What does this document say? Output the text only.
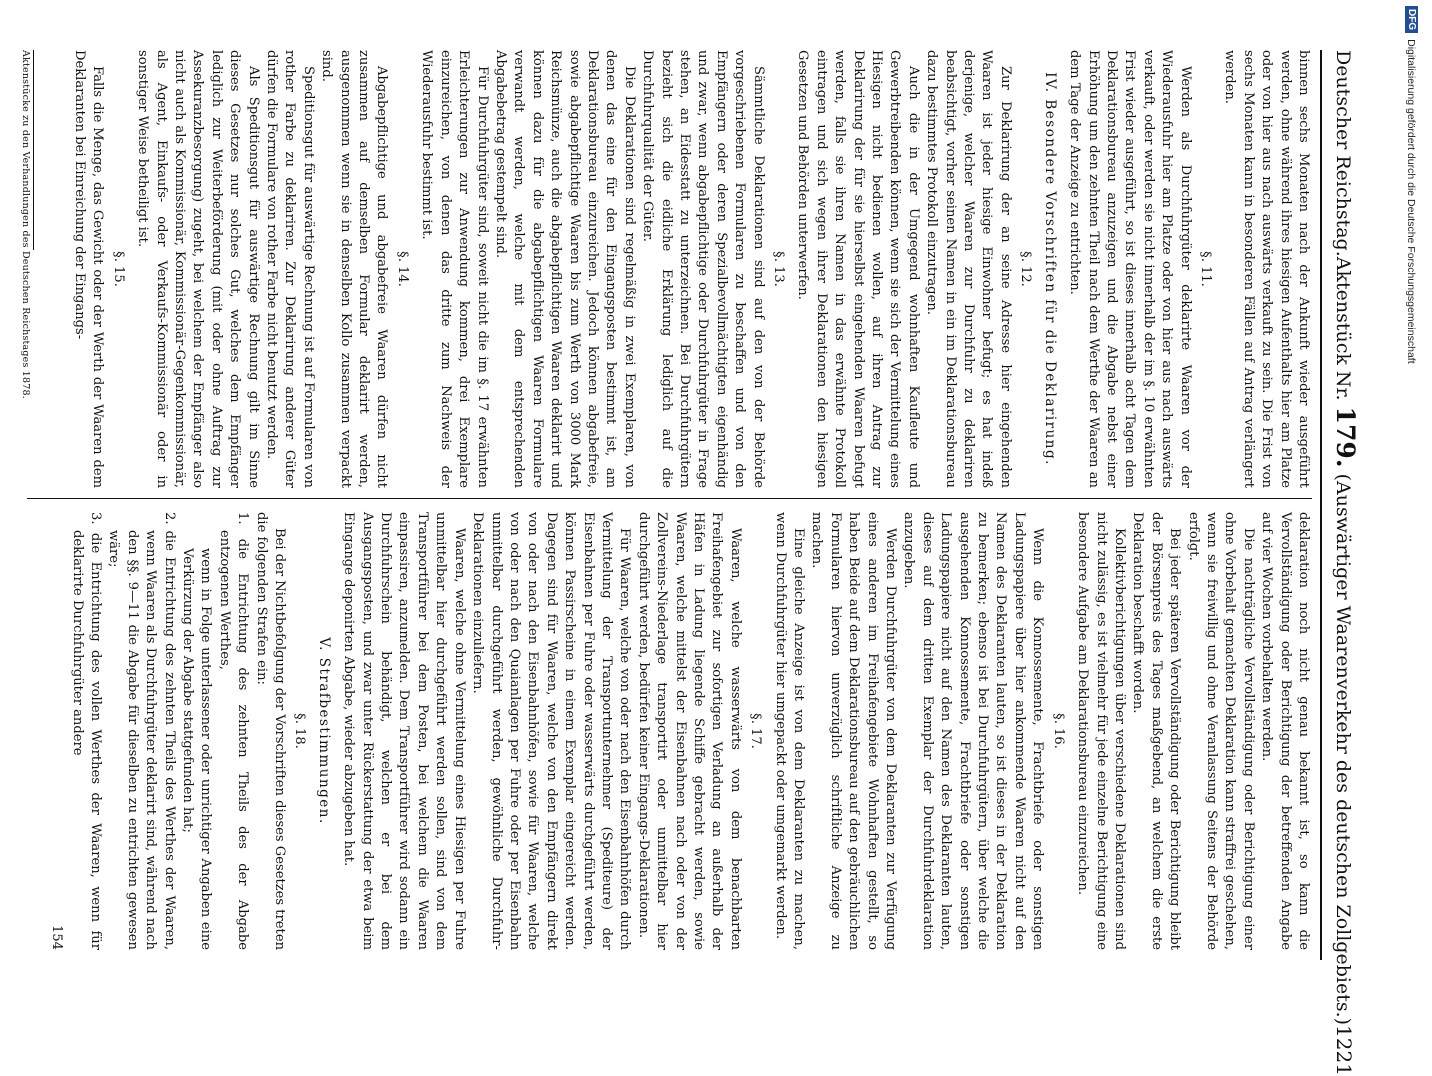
Deutscher Reichstag.
Aktenstück Nr. 179. (Auswärtiger Waarenverkehr des deutschen Zollgebiets.)
1221

binnen sechs Monaten nach der Ankunft wieder ausgeführt werden, ohne während ihres hiesigen Aufenthalts hier am Platze oder von hier aus nach auswärts verkauft zu sein. Die Frist von sechs Monaten kann in besonderen Fällen auf Antrag verlängert werden.

§. 11.

Werden als Durchfuhrgüter deklarirte Waaren vor der Wiederausfuhr hier am Platze oder von hier aus nach auswärts verkauft, oder werden sie nicht innerhalb der im §. 10 erwähnten Frist wieder ausgeführt, so ist dieses innerhalb acht Tagen dem Deklarationsbureau anzuzeigen und die Abgabe nebst einer Erhöhung um den zehnten Theil nach dem Werthe der Waaren an dem Tage der Anzeige zu entrichten.

IV. Besondere Vorschriften für die Deklarirung.

§. 12.

Zur Deklarirung der an seine Adresse hier eingehenden Waaren ist jeder hiesige Einwohner befugt; es hat indeß derjenige, welcher Waaren zur Durchfuhr zu deklariren beabsichtigt, vorher seinen Namen in ein im Deklarationsbureau dazu bestimmtes Protokoll einzutragen.

Auch die in der Umgegend wohnhaften Kaufleute und Gewerbtreibenden können, wenn sie sich der Vermittelung eines Hiesigen nicht bedienen wollen, auf ihren Antrag zur Deklarirung der für sie hierselbst eingehenden Waaren befugt werden, falls sie ihren Namen in das erwähnte Protokoll eintragen und sich wegen ihrer Deklarationen den hiesigen Gesetzen und Behörden unterwerfen.

§. 13.

Sämmtliche Deklarationen sind auf den von der Behörde vorgeschriebenen Formularen zu beschaffen und von den Empfängern oder deren Spezialbevollmächtigten eigenhändig und zwar, wenn abgabepflichtige oder Durchfuhrgüter in Frage stehen, an Eidesstatt zu unterzeichnen. Bei Durchfuhrgütern bezieht sich die eidliche Erklärung lediglich auf die Durchfuhrqualität der Güter.

Die Deklarationen sind regelmäßig in zwei Exemplaren, von denen das eine für den Eingangsposten bestimmt ist, am Deklarationsbureau einzureichen. Jedoch können abgabefreie, sowie abgabepflichtige Waaren bis zum Werth von 3000 Mark Reichsmünze, auch die abgabepflichtigen Waaren deklarirt und können dazu für die abgabepflichtigen Waaren Formulare verwandt werden, welche mit dem entsprechenden Abgabebetrag gestempelt sind.

Für Durchfuhrgüter sind, soweit nicht die im §. 17 erwähnten Erleichterungen zur Anwendung kommen, drei Exemplare einzureichen, von denen das dritte zum Nachweis der Wiederausfuhr bestimmt ist.

§. 14.

Abgabepflichtige und abgabefreie Waaren dürfen nicht zusammen auf demselben Formular deklarirt werden, ausgenommen wenn sie in denselben Kollo zusammen verpackt sind.

Speditionsgut für auswärtige Rechnung ist auf Formularen von rother Farbe zu deklariren. Zur Deklarirung anderer Güter dürfen die Formulare von rother Farbe nicht benutzt werden.

Als Speditionsgut für auswärtige Rechnung gilt im Sinne dieses Gesetzes nur solches Gut, welches dem Empfänger lediglich zur Weiterbeförderung (mit oder ohne Auftrag zur Assekuranzbesorgung) zugeht, bei welchem der Empfänger also nicht auch als Kommissionär, Kommissionär-Gegenkommissionär, als Agent, Einkaufs- oder Verkaufs-Kommissionär oder in sonstiger Weise betheiligt ist.

§. 15.

Falls die Menge, das Gewicht oder der Werth der Waaren dem Deklaranten bei Einreichung der Eingangs-

deklaration noch nicht genau bekannt ist, so kann die Vervollständigung oder Berichtigung der betreffenden Angabe auf vier Wochen vorbehalten werden.

Die nachträgliche Vervollständigung oder Berichtigung einer ohne Vorbehalt gemachten Deklaration kann straffrei geschehen, wenn sie freiwillig und ohne Veranlassung Seitens der Behörde erfolgt.

Bei jeder späteren Vervollständigung oder Berichtigung bleibt der Börsenpreis des Tages maßgebend, an welchem die erste Deklaration beschafft worden.

Kollektivberichtigungen über verschiedene Deklarationen sind nicht zulässig, es ist vielmehr für jede einzelne Berichtigung eine besondere Aufgabe am Deklarationsbureau einzureichen.

§. 16.

Wenn die Konnossemente, Frachtbriefe oder sonstigen Ladungspapiere über hier ankommende Waaren nicht auf den Namen des Deklaranten lauten, so ist dieses in der Deklaration zu bemerken; ebenso ist bei Durchfuhrgütern, über welche die ausgehenden Konnossemente, Frachtbriefe oder sonstigen Ladungspapiere nicht auf den Namen des Deklaranten lauten, dieses auf dem dritten Exemplar der Durchfuhrdeklaration anzugeben.

Werden Durchfuhrgüter von dem Deklaranten zur Verfügung eines anderen im Freihafengebiete Wohnhaften gestellt, so haben Beide auf dem Deklarationsbureau auf den gebräuchlichen Formularen hiervon unverzüglich schriftliche Anzeige zu machen.

Eine gleiche Anzeige ist von dem Deklaranten zu machen, wenn Durchfuhrgüter hier umgepackt oder umgemarkt werden.

§. 17.

Waaren, welche wasserwärts von dem benachbarten Freihafengebiet zur sofortigen Verladung an außerhalb der Häfen in Ladung liegende Schiffe gebracht werden, sowie Waaren, welche mittelst der Eisenbahnen nach oder von der Zollvereins-Niederlage transportirt oder unmittelbar hier durchgeführt werden, bedürfen keiner Eingangs-Deklarationen.

Für Waaren, welche von oder nach den Eisenbahnhöfen durch Vermittelung der Transportunternehmer (Spediteure) der Eisenbahnen per Fuhre oder wasserwärts durchgeführt werden, können Passirscheine in einem Exemplar eingereicht werden. Dagegen sind für Waaren, welche von den Empfängern direkt von oder nach den Eisenbahnhöfen, sowie für Waaren, welche von oder nach den Quaianlagen per Fuhre oder per Eisenbahn unmittelbar durchgeführt werden, gewöhnliche Durchfuhr-Deklarationen einzuliefern.

Waaren, welche ohne Vermittelung eines Hiesigen per Fuhre unmittelbar hier durchgeführt werden sollen, sind von dem Transportführer bei dem Posten, bei welchem die Waaren einpassiren, anzumelden. Dem Transportführer wird sodann ein Durchfuhrschein behändigt, welchen er bei dem Ausgangsposten, und zwar unter Rückerstattung der etwa beim Eingange deponirten Abgabe, wieder abzugeben hat.

V. Strafbestimmungen.

§. 18.

Bei der Nichtbefolgung der Vorschriften dieses Gesetzes treten die folgenden Strafen ein:

1. die Entrichtung des zehnten Theils des der Abgabe entzogenen Werthes,

wenn in Folge unterlassener oder unrichtiger Angaben eine Verkürzung der Abgabe stattgefunden hat;

2. die Entrichtung des zehnten Theils des Werthes der Waaren, wenn Waaren als Durchfuhrgüter deklarirt sind, während nach den §§. 9—11 die Abgabe für dieselben zu entrichten gewesen wäre;

3. die Entrichtung des vollen Werthes der Waaren, wenn für deklarirte Durchfuhrgüter andere

154

Aktenstücke zu den Verhandlungen des Deutschen Reichstages 1878.
DFG
Digitalisierung gefördert durch die Deutsche Forschungsgemeinschaft
